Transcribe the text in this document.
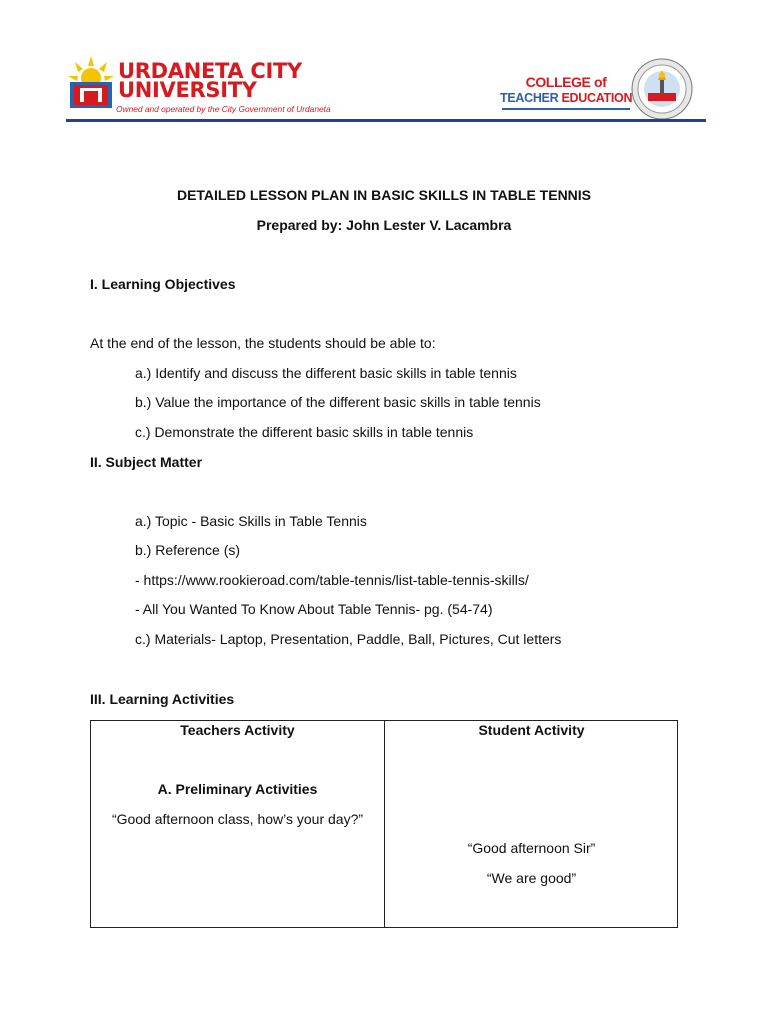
URDANETA CITY
UNIVERSITY
Owned and operated by the City Government of Urdaneta
COLLEGE of
TEACHER EDUCATION
DETAILED LESSON PLAN IN BASIC SKILLS IN TABLE TENNIS
Prepared by: John Lester V. Lacambra
I. Learning Objectives
At the end of the lesson, the students should be able to:
a.) Identify and discuss the different basic skills in table tennis
b.) Value the importance of the different basic skills in table tennis
c.) Demonstrate the different basic skills in table tennis
II. Subject Matter
a.) Topic - Basic Skills in Table Tennis
b.) Reference (s)
- https://www.rookieroad.com/table-tennis/list-table-tennis-skills/
- All You Wanted To Know About Table Tennis- pg. (54-74)
c.) Materials- Laptop, Presentation, Paddle, Ball, Pictures, Cut letters
III. Learning Activities
Teachers Activity	Student Activity
A. Preliminary Activities
“Good afternoon class, how’s your day?”
“Good afternoon Sir”
“We are good”
